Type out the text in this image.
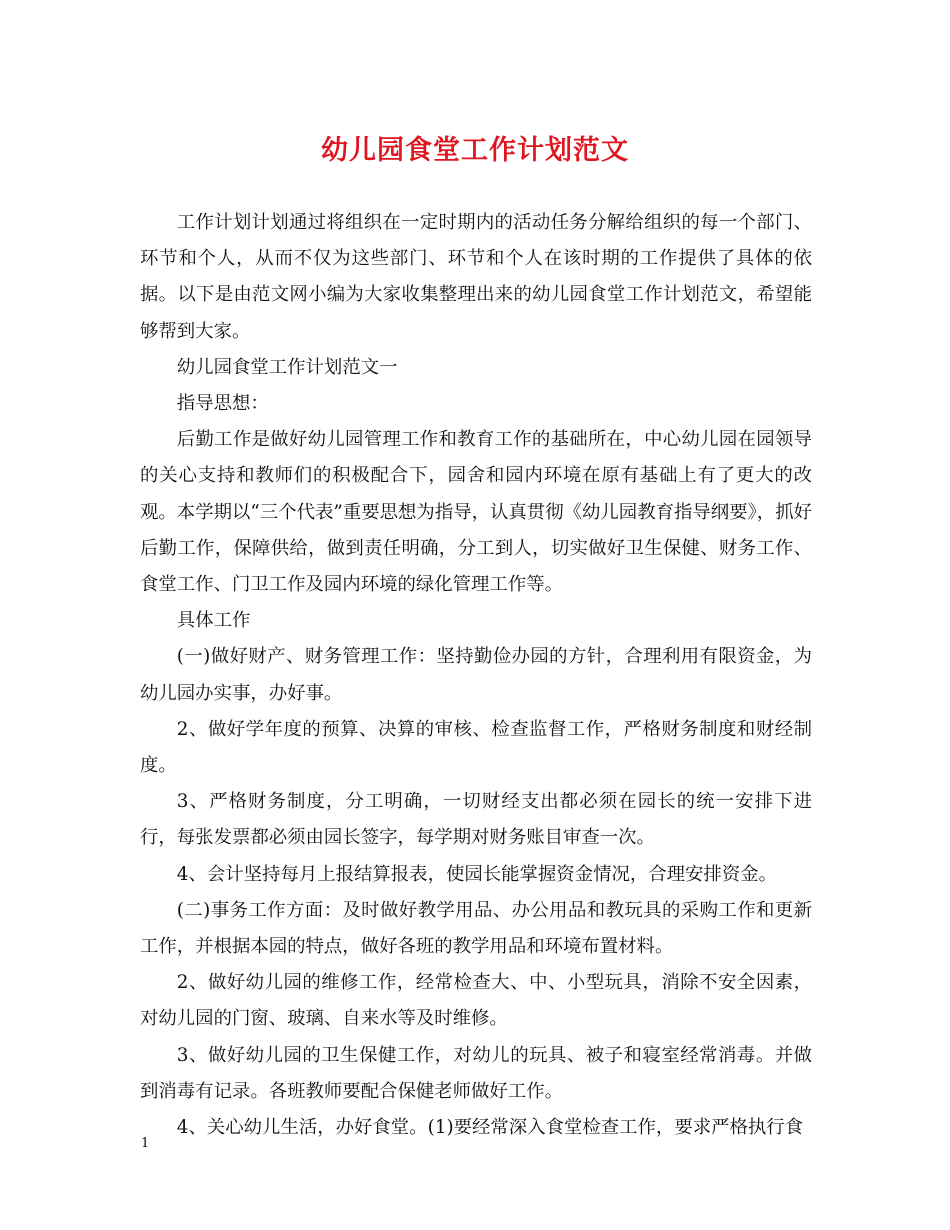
幼儿园食堂工作计划范文

工作计划计划通过将组织在一定时期内的活动任务分解给组织的每一个部门、环节和个人，从而不仅为这些部门、环节和个人在该时期的工作提供了具体的依据。以下是由范文网小编为大家收集整理出来的幼儿园食堂工作计划范文，希望能够帮到大家。

幼儿园食堂工作计划范文一

指导思想：

后勤工作是做好幼儿园管理工作和教育工作的基础所在，中心幼儿园在园领导的关心支持和教师们的积极配合下，园舍和园内环境在原有基础上有了更大的改观。本学期以“三个代表”重要思想为指导，认真贯彻《幼儿园教育指导纲要》，抓好后勤工作，保障供给，做到责任明确，分工到人，切实做好卫生保健、财务工作、食堂工作、门卫工作及园内环境的绿化管理工作等。

具体工作

(一)做好财产、财务管理工作：坚持勤俭办园的方针，合理利用有限资金，为幼儿园办实事，办好事。

2、做好学年度的预算、决算的审核、检查监督工作，严格财务制度和财经制度。

3、严格财务制度，分工明确，一切财经支出都必须在园长的统一安排下进行，每张发票都必须由园长签字，每学期对财务账目审查一次。

4、会计坚持每月上报结算报表，使园长能掌握资金情况，合理安排资金。

(二)事务工作方面：及时做好教学用品、办公用品和教玩具的采购工作和更新工作，并根据本园的特点，做好各班的教学用品和环境布置材料。

2、做好幼儿园的维修工作，经常检查大、中、小型玩具，消除不安全因素，对幼儿园的门窗、玻璃、自来水等及时维修。

3、做好幼儿园的卫生保健工作，对幼儿的玩具、被子和寝室经常消毒。并做到消毒有记录。各班教师要配合保健老师做好工作。

4、关心幼儿生活，办好食堂。(1)要经常深入食堂检查工作，要求严格执行食

1
